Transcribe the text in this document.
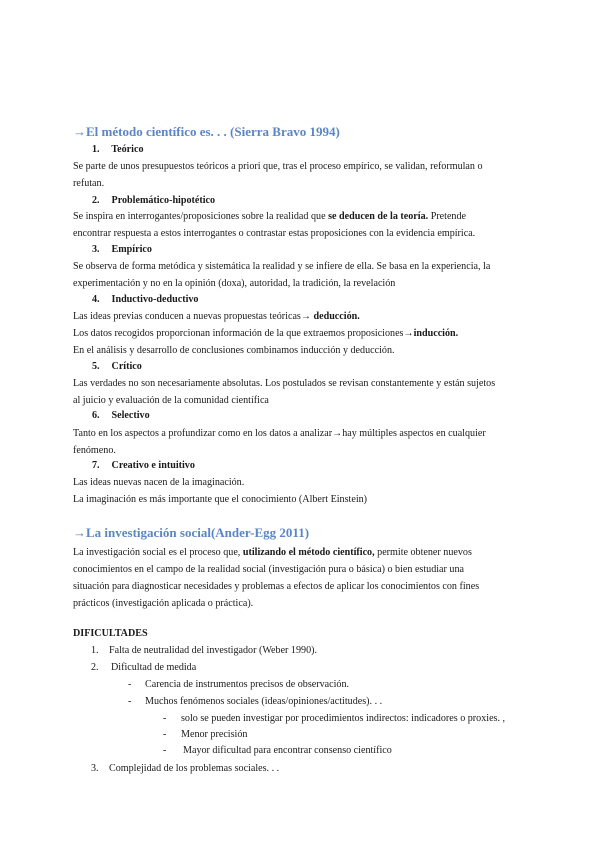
→El método científico es. . . (Sierra Bravo 1994)
1. Teórico
Se parte de unos presupuestos teóricos a priori que, tras el proceso empírico, se validan, reformulan o
refutan.
2. Problemático-hipotético
Se inspira en interrogantes/proposiciones sobre la realidad que se deducen de la teoría. Pretende
encontrar respuesta a estos interrogantes o contrastar estas proposiciones con la evidencia empírica.
3. Empírico
Se observa de forma metódica y sistemática la realidad y se infiere de ella. Se basa en la experiencia, la
experimentación y no en la opinión (doxa), autoridad, la tradición, la revelación
4. Inductivo-deductivo
Las ideas previas conducen a nuevas propuestas teóricas→ deducción.
Los datos recogidos proporcionan información de la que extraemos proposiciones→inducción.
En el análisis y desarrollo de conclusiones combinamos inducción y deducción.
5. Crítico
Las verdades no son necesariamente absolutas. Los postulados se revisan constantemente y están sujetos
al juicio y evaluación de la comunidad científica
6. Selectivo
Tanto en los aspectos a profundizar como en los datos a analizar→hay múltiples aspectos en cualquier
fenómeno.
7. Creativo e intuitivo
Las ideas nuevas nacen de la imaginación.
La imaginación es más importante que el conocimiento (Albert Einstein)
→La investigación social(Ander-Egg 2011)
La investigación social es el proceso que, utilizando el método científico, permite obtener nuevos
conocimientos en el campo de la realidad social (investigación pura o básica) o bien estudiar una
situación para diagnosticar necesidades y problemas a efectos de aplicar los conocimientos con fines
prácticos (investigación aplicada o práctica).
DIFICULTADES
1. Falta de neutralidad del investigador (Weber 1990).
2. Dificultad de medida
- Carencia de instrumentos precisos de observación.
- Muchos fenómenos sociales (ideas/opiniones/actitudes). . .
- solo se pueden investigar por procedimientos indirectos: indicadores o proxies. ,
- Menor precisión
- Mayor dificultad para encontrar consenso científico
3. Complejidad de los problemas sociales. . .
